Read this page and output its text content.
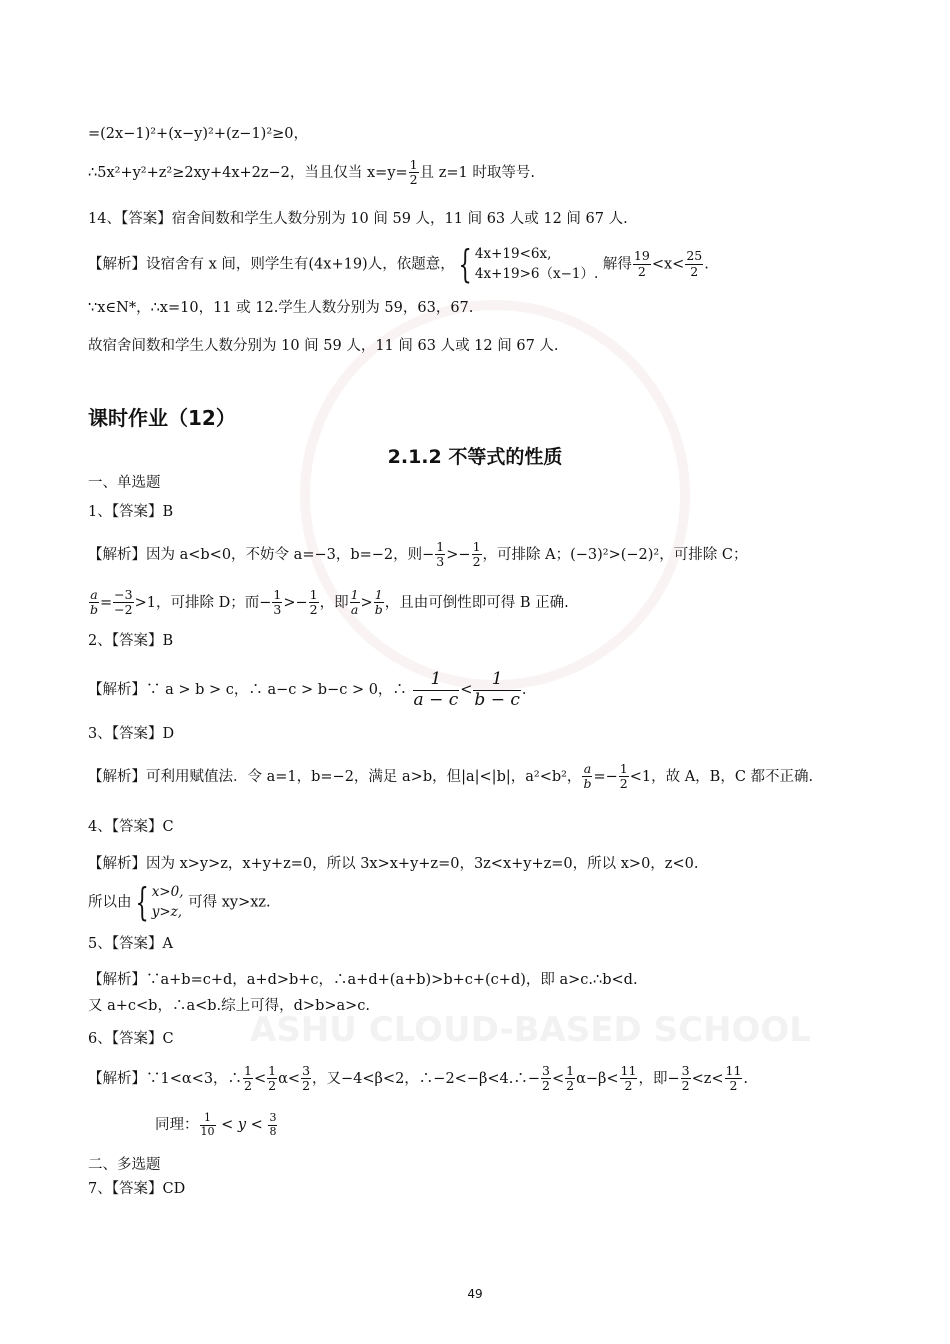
ASHU CLOUD-BASED SCHOOL
=(2x−1)²+(x−y)²+(z−1)²≥0，
∴5x²+y²+z²≥2xy+4x+2z−2，当且仅当 $x=y= \frac{1}{2}$ 且 z=1 时取等号.
14、【答案】宿舍间数和学生人数分别为 10 间 59 人，11 间 63 人或 12 间 67 人.
【解析】设宿舍有 x 间，则学生有(4x+19)人，依题意，{ 4x+19<6x,
4x+19>6（x−1）. 解得 $\frac{19}{2} <x< \frac{25}{2}$ .
∵x∈N*，∴x=10，11 或 12.学生人数分别为 59，63，67.
故宿舍间数和学生人数分别为 10 间 59 人，11 间 63 人或 12 间 67 人.
课时作业（12）
2.1.2 不等式的性质
一、单选题
1、【答案】B
【解析】因为 a<b<0，不妨令 a=−3，b=−2，则− $\frac{1}{3} >- \frac{1}{2}$ ，可排除 A；(−3)²>(−2)²，可排除 C；
$\frac{a}{b} = \frac{-3}{-2} >1$，可排除 D；而− $\frac{1}{3} >- \frac{1}{2}$ ，即 $\frac{1}{a} > \frac{1}{b}$ ，且由可倒性即可得 B 正确.
2、【答案】B
【解析】∵ a > b > c，∴ a−c > b−c > 0，∴ $\frac{1}{a - c} < \frac{1}{b - c}$ .
3、【答案】D
【解析】可利用赋值法．令 a=1，b=−2，满足 a>b，但|a|<|b|，a²<b²， $\frac{a}{b} =- \frac{1}{2} <1$，故 A，B，C 都不正确.
4、【答案】C
【解析】因为 x>y>z，x+y+z=0，所以 3x>x+y+z=0，3z<x+y+z=0，所以 x>0，z<0.
所以由{ x>0,
y>z, 可得 xy>xz.
5、【答案】A
【解析】∵a+b=c+d，a+d>b+c，∴a+d+(a+b)>b+c+(c+d)，即 a>c.∴b<d.
又 a+c<b，∴a<b.综上可得，d>b>a>c.
6、【答案】C
【解析】∵1<α<3，∴ $\frac{1}{2} < \frac{1}{2} \alpha< \frac{3}{2}$ ，又−4<β<2，∴−2<−β<4.∴− $\frac{3}{2} < \frac{1}{2} \alpha-\beta< \frac{11}{2}$ ，即− $\frac{3}{2} <z< \frac{11}{2}$ .
同理： $\frac{1}{10} < y < \frac{3}{8}$
二、多选题
7、【答案】CD
49
